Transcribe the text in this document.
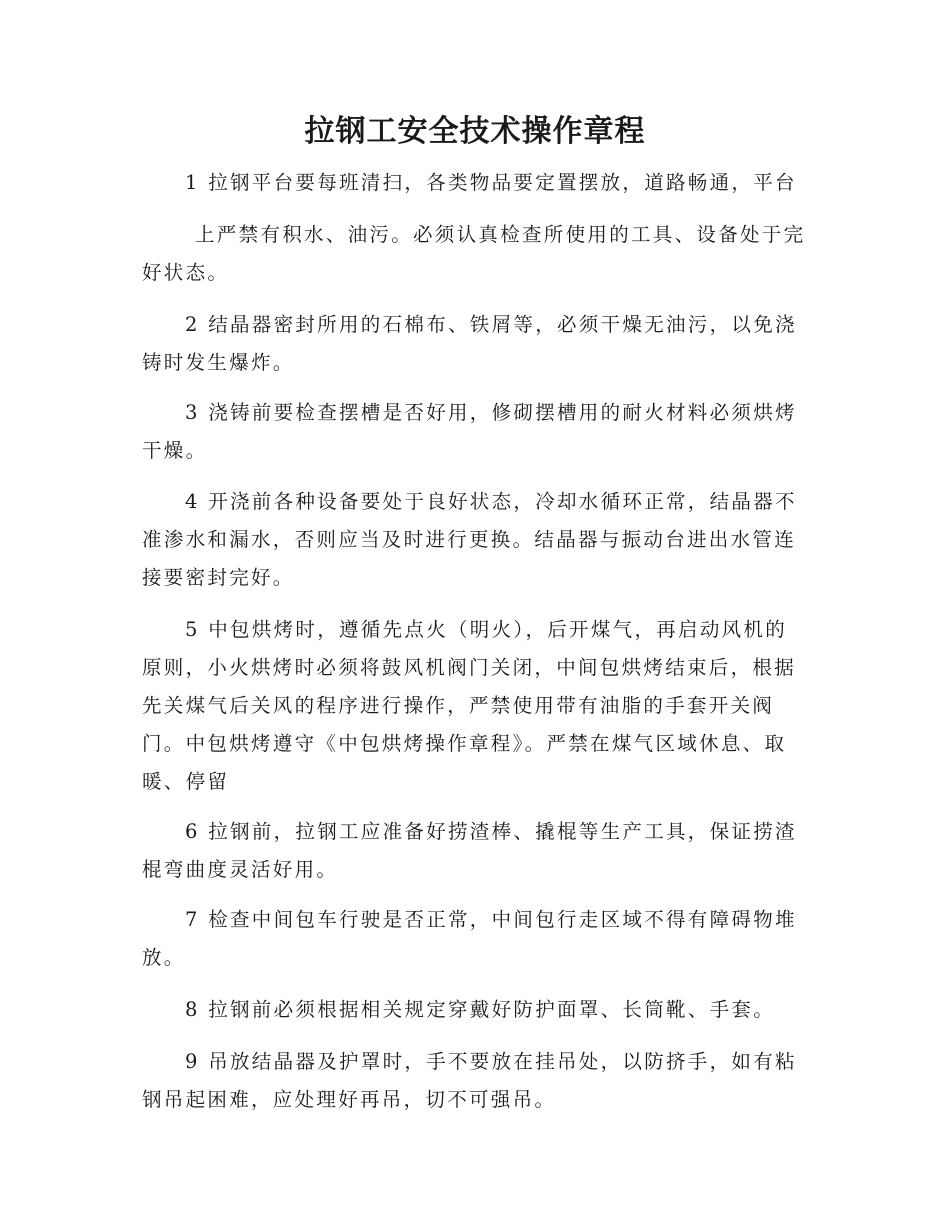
拉钢工安全技术操作章程

1 拉钢平台要每班清扫，各类物品要定置摆放，道路畅通，平台

上严禁有积水、油污。必须认真检查所使用的工具、设备处于完
好状态。

2 结晶器密封所用的石棉布、铁屑等，必须干燥无油污，以免浇
铸时发生爆炸。

3 浇铸前要检查摆槽是否好用，修砌摆槽用的耐火材料必须烘烤
干燥。

4 开浇前各种设备要处于良好状态，冷却水循环正常，结晶器不
准渗水和漏水，否则应当及时进行更换。结晶器与振动台进出水管连
接要密封完好。

5 中包烘烤时，遵循先点火（明火），后开煤气，再启动风机的
原则，小火烘烤时必须将鼓风机阀门关闭，中间包烘烤结束后，根据
先关煤气后关风的程序进行操作，严禁使用带有油脂的手套开关阀
门。中包烘烤遵守《中包烘烤操作章程》。严禁在煤气区域休息、取
暖、停留

6 拉钢前，拉钢工应准备好捞渣棒、撬棍等生产工具，保证捞渣
棍弯曲度灵活好用。

7 检查中间包车行驶是否正常，中间包行走区域不得有障碍物堆
放。

8 拉钢前必须根据相关规定穿戴好防护面罩、长筒靴、手套。

9 吊放结晶器及护罩时，手不要放在挂吊处，以防挤手，如有粘
钢吊起困难，应处理好再吊，切不可强吊。
